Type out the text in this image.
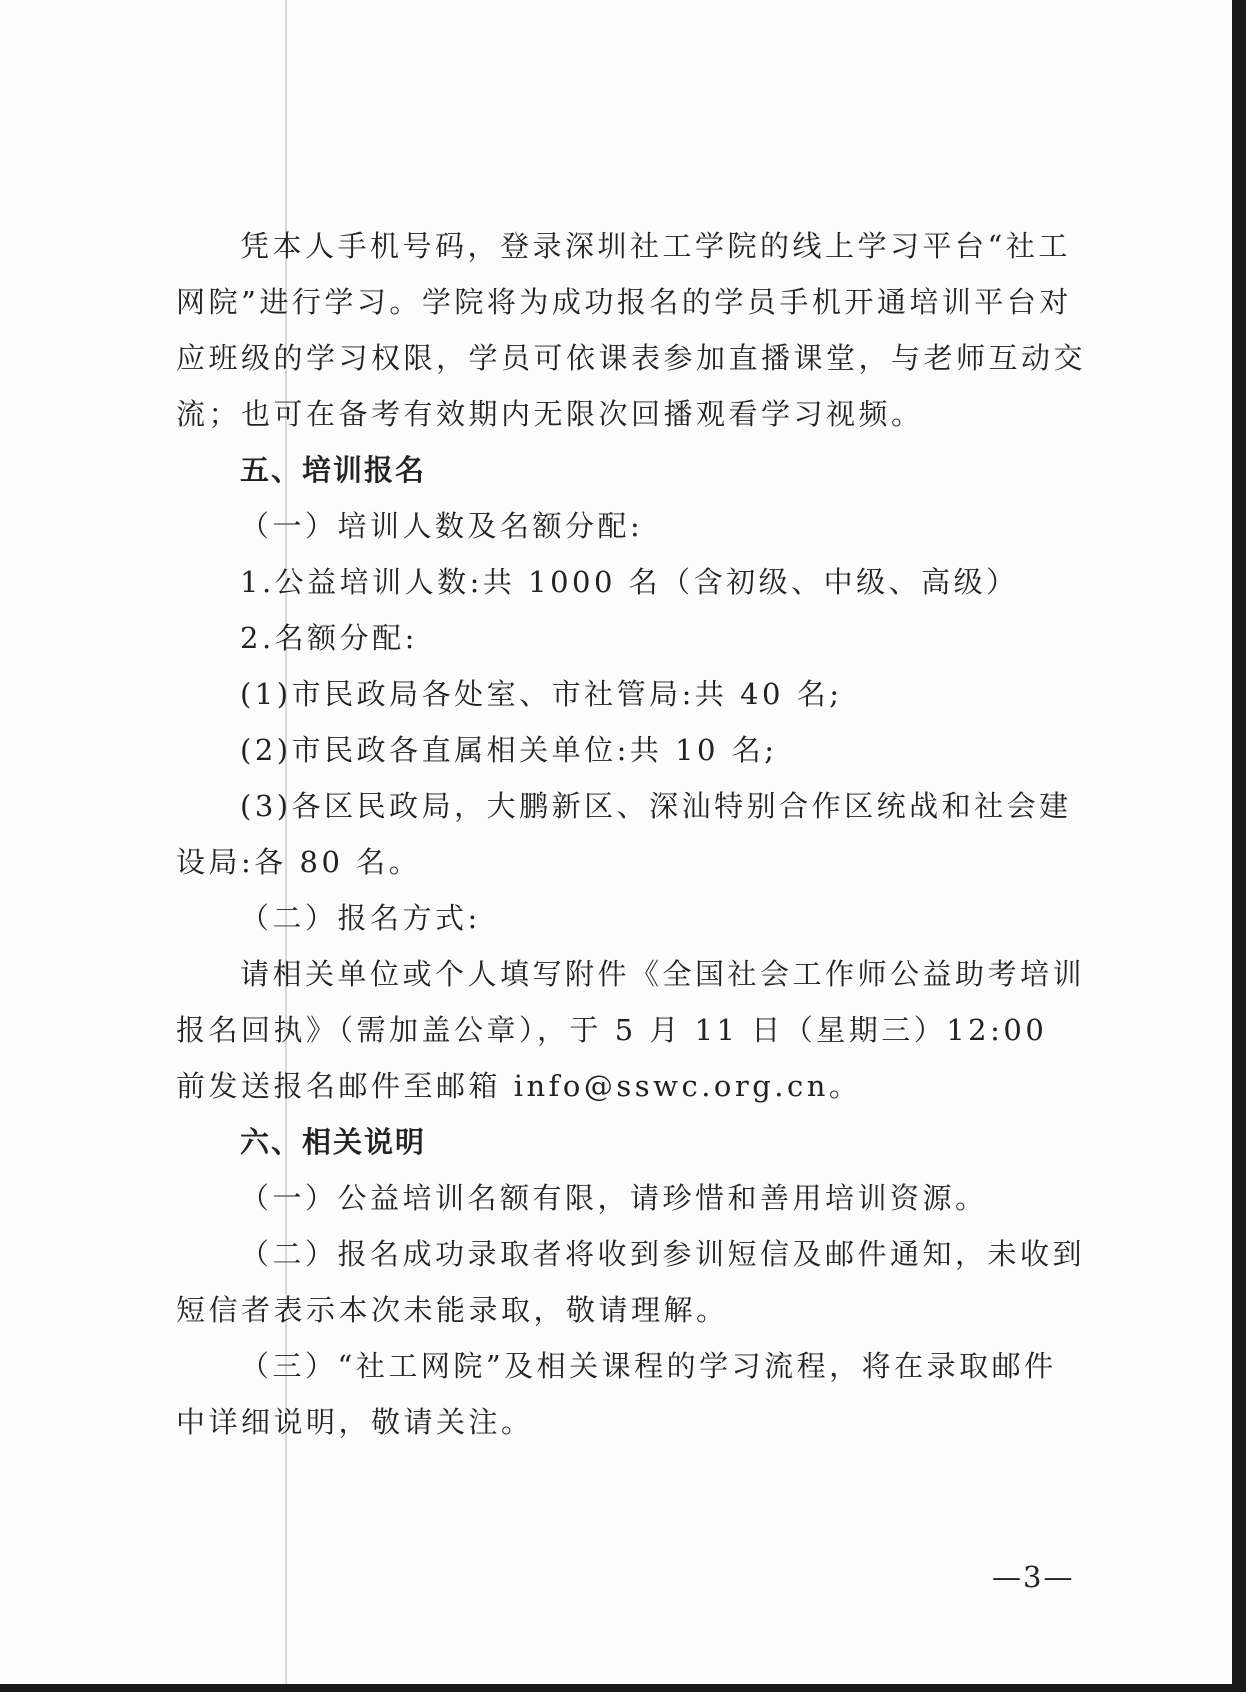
凭本人手机号码，登录深圳社工学院的线上学习平台“社工网院”进行学习。学院将为成功报名的学员手机开通培训平台对应班级的学习权限，学员可依课表参加直播课堂，与老师互动交流；也可在备考有效期内无限次回播观看学习视频。

五、培训报名

（一）培训人数及名额分配:

1.公益培训人数:共 1000 名（含初级、中级、高级）

2.名额分配:

(1)市民政局各处室、市社管局:共 40 名;

(2)市民政各直属相关单位:共 10 名;

(3)各区民政局，大鹏新区、深汕特别合作区统战和社会建设局:各 80 名。

（二）报名方式:

请相关单位或个人填写附件《全国社会工作师公益助考培训报名回执》（需加盖公章），于 5 月 11 日（星期三）12:00 前发送报名邮件至邮箱 info@sswc.org.cn。

六、相关说明

（一）公益培训名额有限，请珍惜和善用培训资源。

（二）报名成功录取者将收到参训短信及邮件通知，未收到短信者表示本次未能录取，敬请理解。

（三）“社工网院”及相关课程的学习流程，将在录取邮件中详细说明，敬请关注。

—3—
